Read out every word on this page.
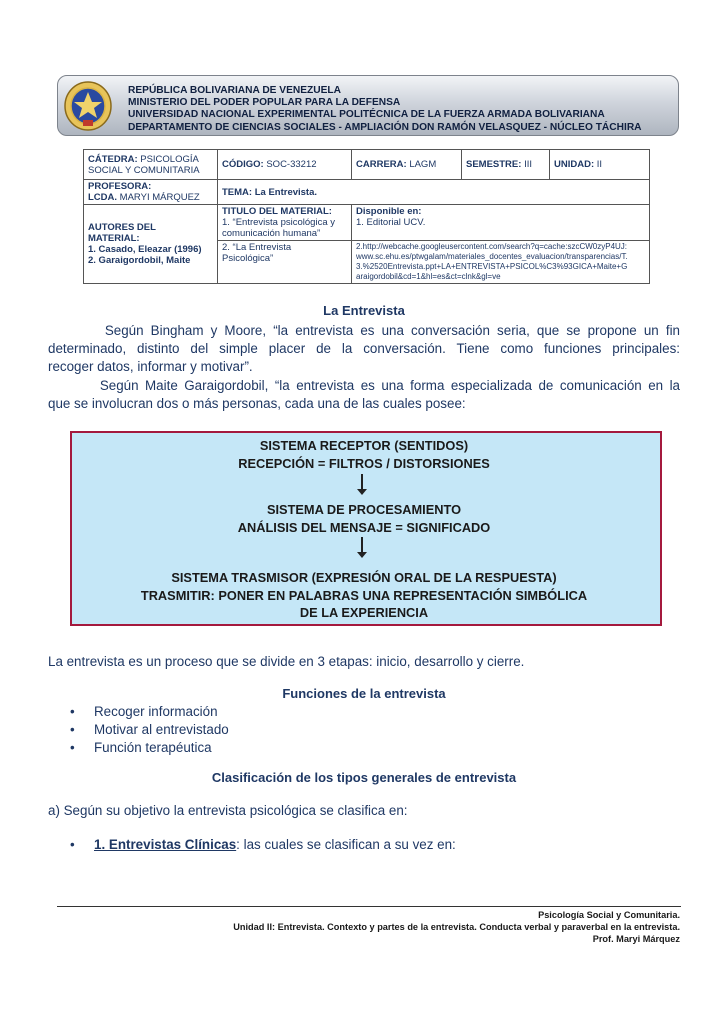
REPÚBLICA BOLIVARIANA DE VENEZUELA
MINISTERIO DEL PODER POPULAR PARA LA DEFENSA
UNIVERSIDAD NACIONAL EXPERIMENTAL POLITÉCNICA DE LA FUERZA ARMADA BOLIVARIANA
DEPARTAMENTO DE CIENCIAS SOCIALES - AMPLIACIÓN DON RAMÓN VELASQUEZ - NÚCLEO TÁCHIRA
CÁTEDRA: PSICOLOGÍA
SOCIAL Y COMUNITARIA	CÓDIGO: SOC-33212	CARRERA: LAGM	SEMESTRE: III	UNIDAD: II
PROFESORA:
LCDA. MARYI MÁRQUEZ	TEMA: La Entrevista.			
AUTORES DEL
MATERIAL:
1. Casado, Eleazar (1996)
2. Garaigordobil, Maite	TITULO DEL MATERIAL:
1. “Entrevista psicológica y
comunicación humana”	Disponible en:
1. Editorial UCV.		
	2. “La Entrevista
Psicológica”	2.http://webcache.googleusercontent.com/search?q=cache:szcCW0zyP4UJ:
www.sc.ehu.es/ptwgalam/materiales_docentes_evaluacion/transparencias/T.
3.%2520Entrevista.ppt+LA+ENTREVISTA+PSICOL%C3%93GICA+Maite+G
araigordobil&cd=1&hl=es&ct=clnk&gl=ve		
La Entrevista
Según Bingham y Moore, “la entrevista es una conversación seria, que se propone un fin
determinado, distinto del simple placer de la conversación. Tiene como funciones principales:
recoger datos, informar y motivar”.
Según Maite Garaigordobil, “la entrevista es una forma especializada de comunicación en la
que se involucran dos o más personas, cada una de las cuales posee:
SISTEMA RECEPTOR (SENTIDOS)
RECEPCIÓN = FILTROS / DISTORSIONES
SISTEMA DE PROCESAMIENTO
ANÁLISIS DEL MENSAJE = SIGNIFICADO
SISTEMA TRASMISOR (EXPRESIÓN ORAL DE LA RESPUESTA)
TRASMITIR: PONER EN PALABRAS UNA REPRESENTACIÓN SIMBÓLICA
DE LA EXPERIENCIA
La entrevista es un proceso que se divide en 3 etapas: inicio, desarrollo y cierre.
Funciones de la entrevista
• Recoger información
• Motivar al entrevistado
• Función terapéutica
Clasificación de los tipos generales de entrevista
a) Según su objetivo la entrevista psicológica se clasifica en:
• 1. Entrevistas Clínicas: las cuales se clasifican a su vez en:
Psicología Social y Comunitaria.
Unidad II: Entrevista. Contexto y partes de la entrevista. Conducta verbal y paraverbal en la entrevista.
Prof. Maryi Márquez
